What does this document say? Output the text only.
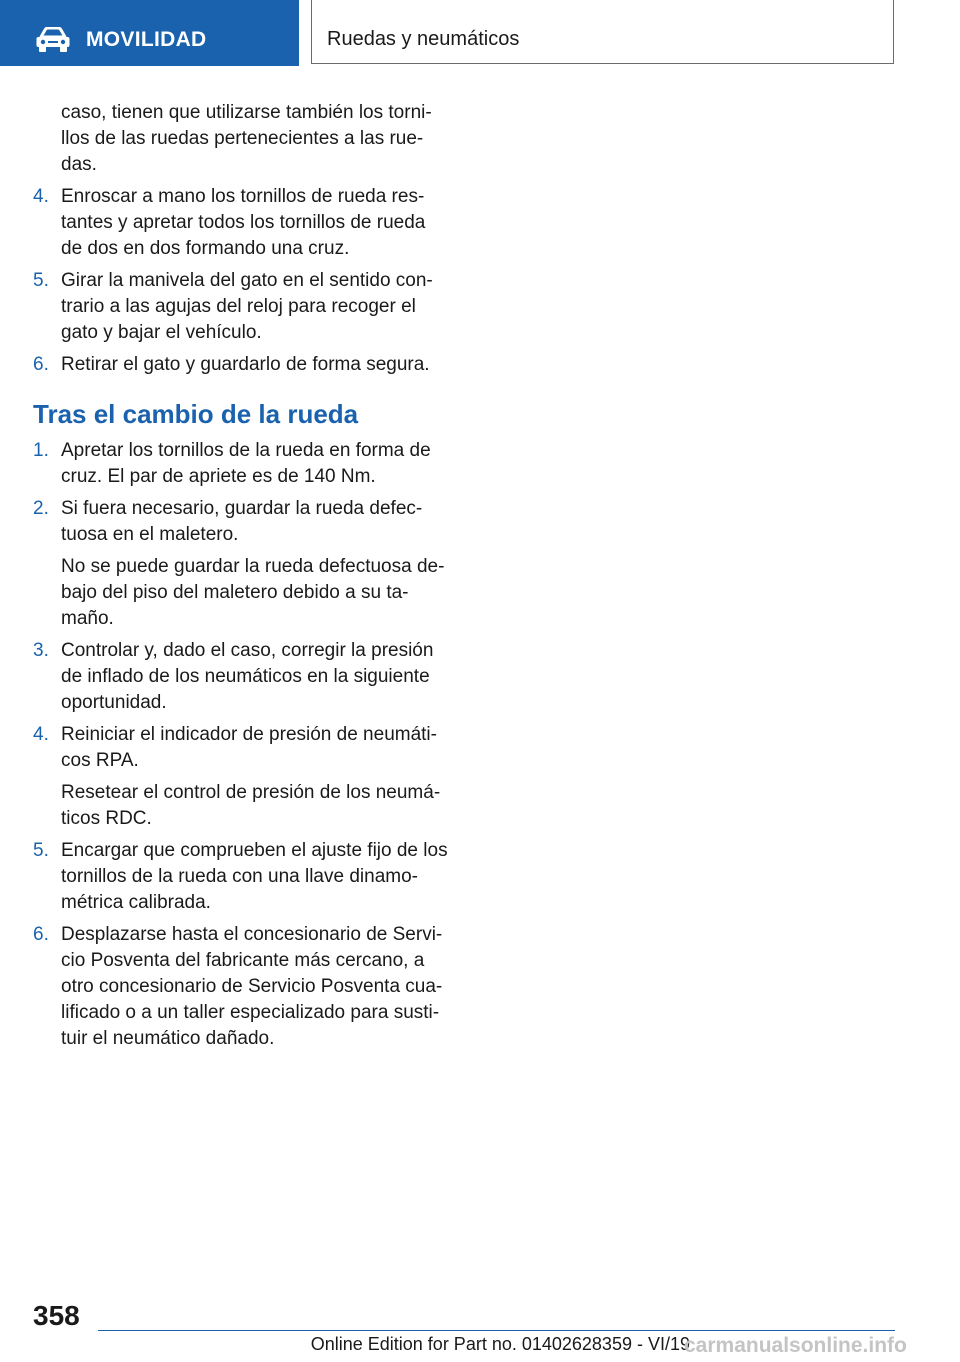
MOVILIDAD	Ruedas y neumáticos

caso, tienen que utilizarse también los torni-llos de las ruedas pertenecientes a las rue-das.

4. Enroscar a mano los tornillos de rueda res-tantes y apretar todos los tornillos de rueda de dos en dos formando una cruz.

5. Girar la manivela del gato en el sentido con-trario a las agujas del reloj para recoger el gato y bajar el vehículo.

6. Retirar el gato y guardarlo de forma segura.

Tras el cambio de la rueda
1. Apretar los tornillos de la rueda en forma de cruz. El par de apriete es de 140 Nm.

2. Si fuera necesario, guardar la rueda defec-tuosa en el maletero.

No se puede guardar la rueda defectuosa de-bajo del piso del maletero debido a su ta-maño.

3. Controlar y, dado el caso, corregir la presión de inflado de los neumáticos en la siguiente oportunidad.

4. Reiniciar el indicador de presión de neumáti-cos RPA.

Resetear el control de presión de los neumá-ticos RDC.

5. Encargar que comprueben el ajuste fijo de los tornillos de la rueda con una llave dinamo-métrica calibrada.

6. Desplazarse hasta el concesionario de Servi-cio Posventa del fabricante más cercano, a otro concesionario de Servicio Posventa cua-lificado o a un taller especializado para susti-tuir el neumático dañado.

358
Online Edition for Part no. 01402628359 - VI/19
carmanualsonline.info
